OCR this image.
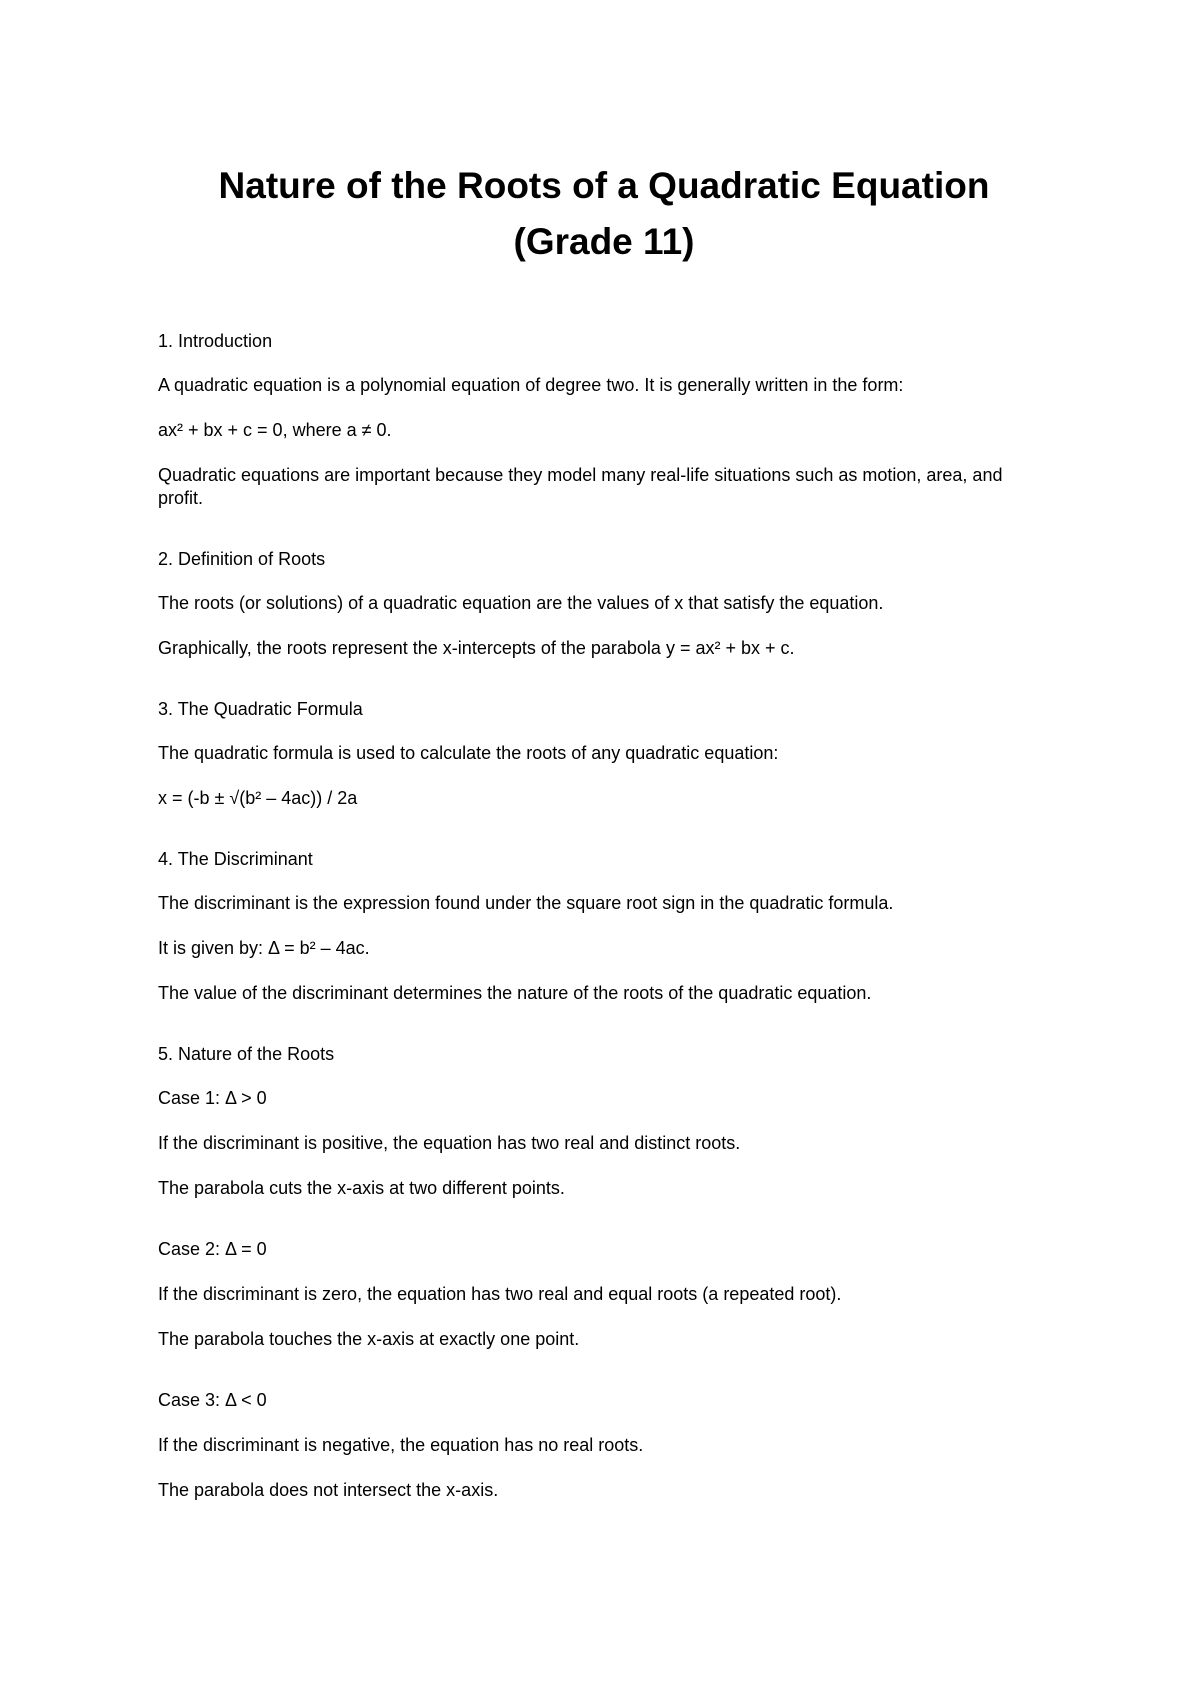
Nature of the Roots of a Quadratic Equation (Grade 11)
1. Introduction

A quadratic equation is a polynomial equation of degree two. It is generally written in the form:

ax² + bx + c = 0, where a ≠ 0.

Quadratic equations are important because they model many real-life situations such as motion, area, and profit.

2. Definition of Roots

The roots (or solutions) of a quadratic equation are the values of x that satisfy the equation.

Graphically, the roots represent the x-intercepts of the parabola y = ax² + bx + c.

3. The Quadratic Formula

The quadratic formula is used to calculate the roots of any quadratic equation:

x = (-b ± √(b² – 4ac)) / 2a

4. The Discriminant

The discriminant is the expression found under the square root sign in the quadratic formula.

It is given by: Δ = b² – 4ac.

The value of the discriminant determines the nature of the roots of the quadratic equation.

5. Nature of the Roots

Case 1: Δ > 0

If the discriminant is positive, the equation has two real and distinct roots.

The parabola cuts the x-axis at two different points.

Case 2: Δ = 0

If the discriminant is zero, the equation has two real and equal roots (a repeated root).

The parabola touches the x-axis at exactly one point.

Case 3: Δ < 0

If the discriminant is negative, the equation has no real roots.

The parabola does not intersect the x-axis.
